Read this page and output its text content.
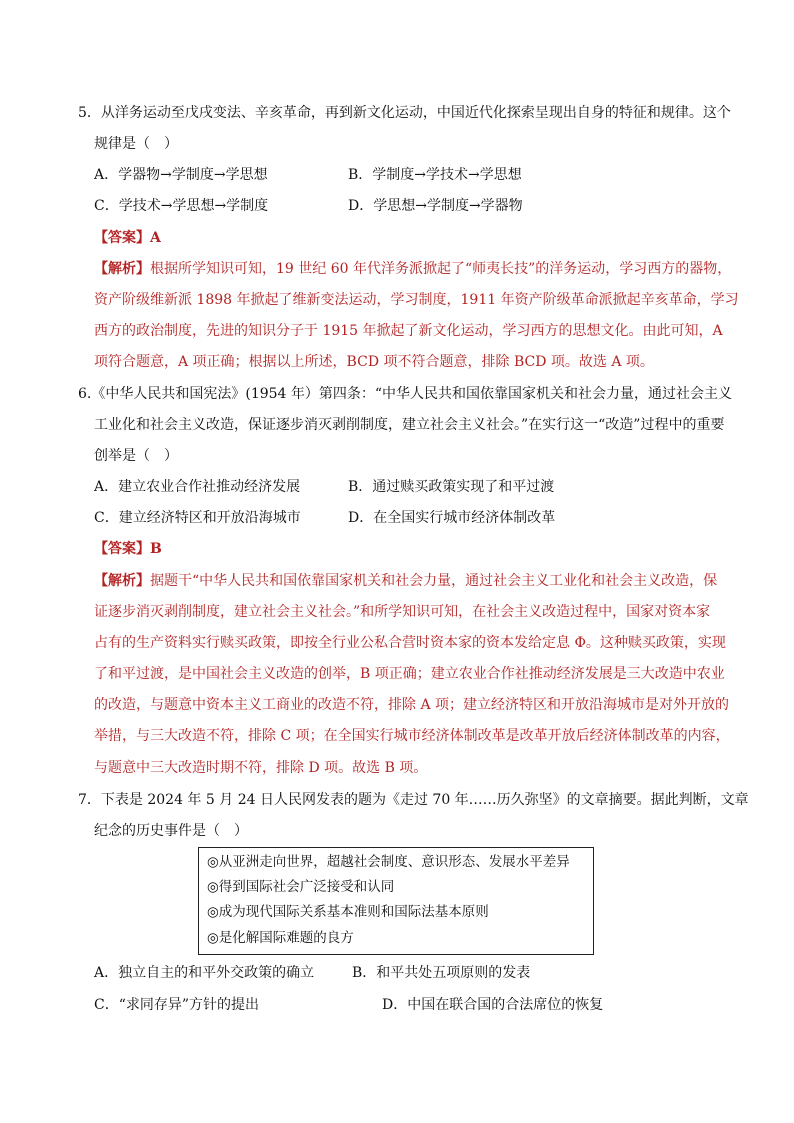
5．从洋务运动至戊戌变法、辛亥革命，再到新文化运动，中国近代化探索呈现出自身的特征和规律。这个
规律是（　）
A．学器物→学制度→学思想	B．学制度→学技术→学思想
C．学技术→学思想→学制度	D．学思想→学制度→学器物
【答案】A
【解析】根据所学知识可知，19 世纪 60 年代洋务派掀起了“师夷长技”的洋务运动，学习西方的器物，
资产阶级维新派 1898 年掀起了维新变法运动，学习制度，1911 年资产阶级革命派掀起辛亥革命，学习
西方的政治制度，先进的知识分子于 1915 年掀起了新文化运动，学习西方的思想文化。由此可知，A
项符合题意，A 项正确；根据以上所述，BCD 项不符合题意，排除 BCD 项。故选 A 项。
6.《中华人民共和国宪法》(1954 年）第四条：“中华人民共和国依靠国家机关和社会力量，通过社会主义
工业化和社会主义改造，保证逐步消灭剥削制度，建立社会主义社会。”在实行这一“改造”过程中的重要
创举是（　）
A．建立农业合作社推动经济发展	B．通过赎买政策实现了和平过渡
C．建立经济特区和开放沿海城市	D．在全国实行城市经济体制改革
【答案】B
【解析】据题干“中华人民共和国依靠国家机关和社会力量，通过社会主义工业化和社会主义改造，保
证逐步消灭剥削制度，建立社会主义社会。”和所学知识可知，在社会主义改造过程中，国家对资本家
占有的生产资料实行赎买政策，即按全行业公私合营时资本家的资本发给定息 Φ。这种赎买政策，实现
了和平过渡，是中国社会主义改造的创举，B 项正确；建立农业合作社推动经济发展是三大改造中农业
的改造，与题意中资本主义工商业的改造不符，排除 A 项；建立经济特区和开放沿海城市是对外开放的
举措，与三大改造不符，排除 C 项；在全国实行城市经济体制改革是改革开放后经济体制改革的内容，
与题意中三大改造时期不符，排除 D 项。故选 B 项。
7．下表是 2024 年 5 月 24 日人民网发表的题为《走过 70 年……历久弥坚》的文章摘要。据此判断，文章
纪念的历史事件是（　）
◎从亚洲走向世界，超越社会制度、意识形态、发展水平差异
◎得到国际社会广泛接受和认同
◎成为现代国际关系基本准则和国际法基本原则
◎是化解国际难题的良方
A．独立自主的和平外交政策的确立	B．和平共处五项原则的发表
C．“求同存异”方针的提出	D．中国在联合国的合法席位的恢复
